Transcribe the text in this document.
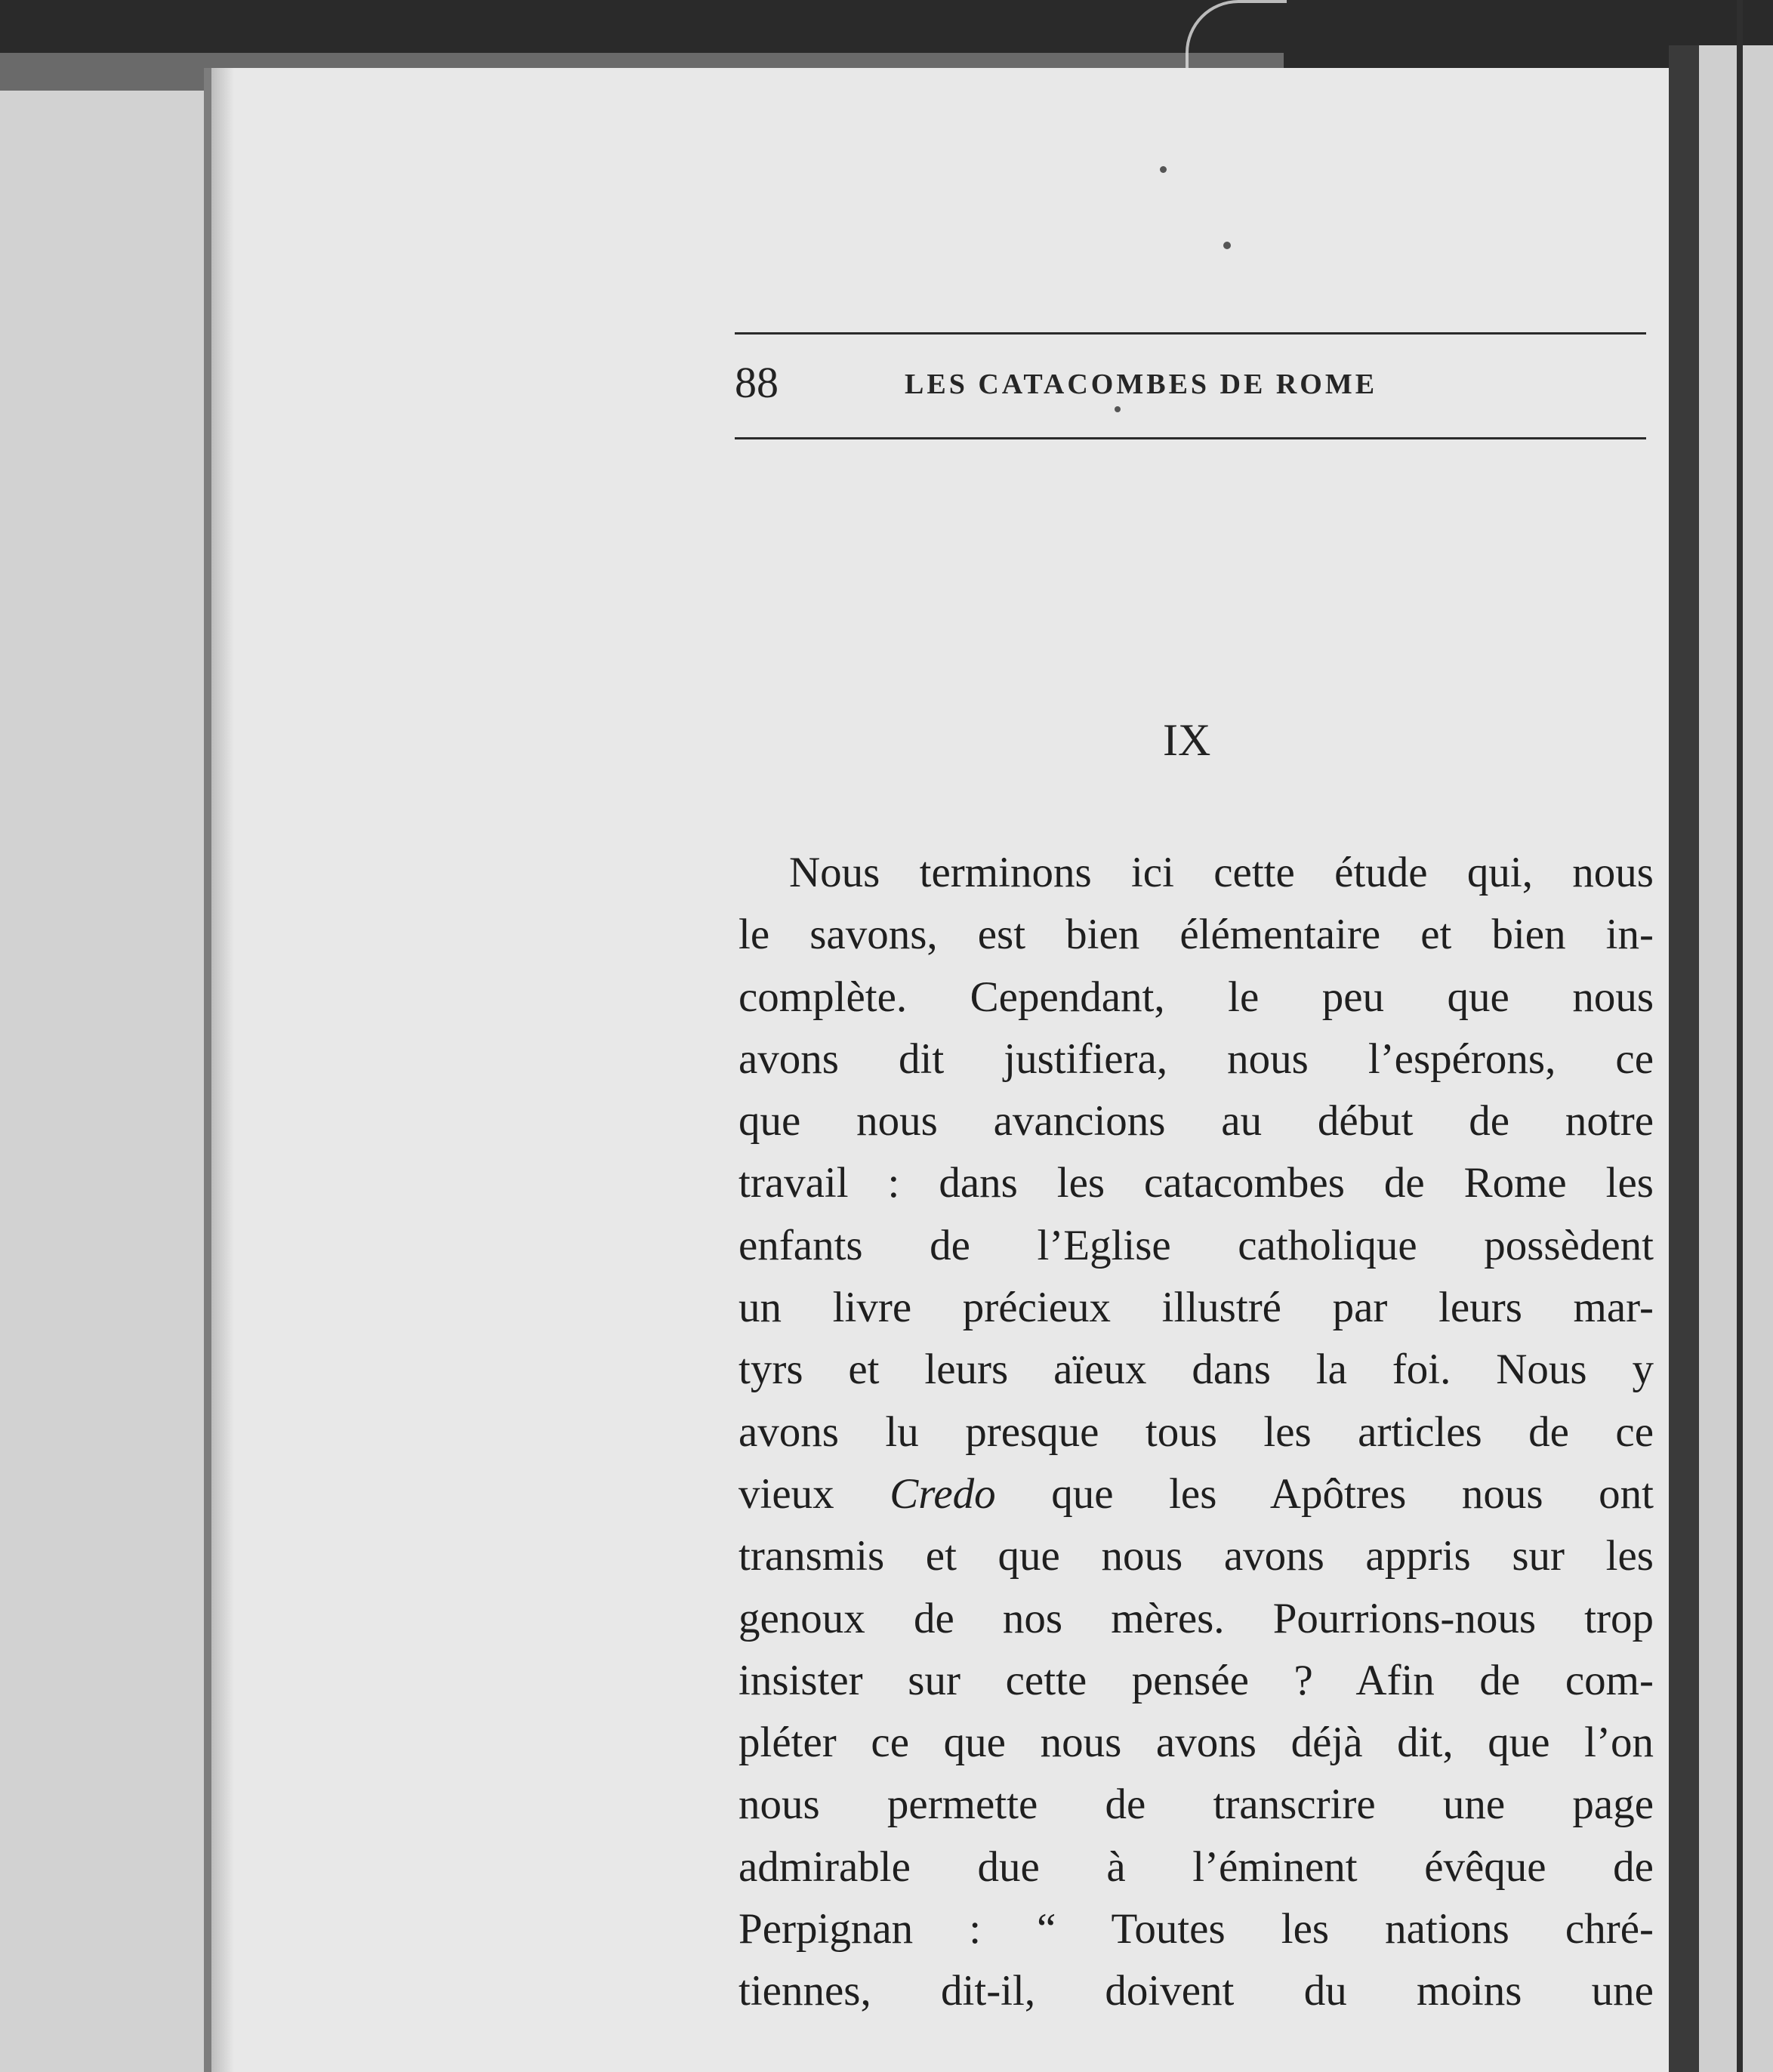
88	LES CATACOMBES DE ROME
IX
Nous terminons ici cette étude qui, nous
le savons, est bien élémentaire et bien in-
complète. Cependant, le peu que nous
avons dit justifiera, nous l’espérons, ce
que nous avancions au début de notre
travail : dans les catacombes de Rome les
enfants de l’Eglise catholique possèdent
un livre précieux illustré par leurs mar-
tyrs et leurs aïeux dans la foi. Nous y
avons lu presque tous les articles de ce
vieux Credo que les Apôtres nous ont
transmis et que nous avons appris sur les
genoux de nos mères. Pourrions-nous trop
insister sur cette pensée ? Afin de com-
pléter ce que nous avons déjà dit, que l’on
nous permette de transcrire une page
admirable due à l’éminent évêque de
Perpignan : “ Toutes les nations chré-
tiennes, dit-il, doivent du moins une
